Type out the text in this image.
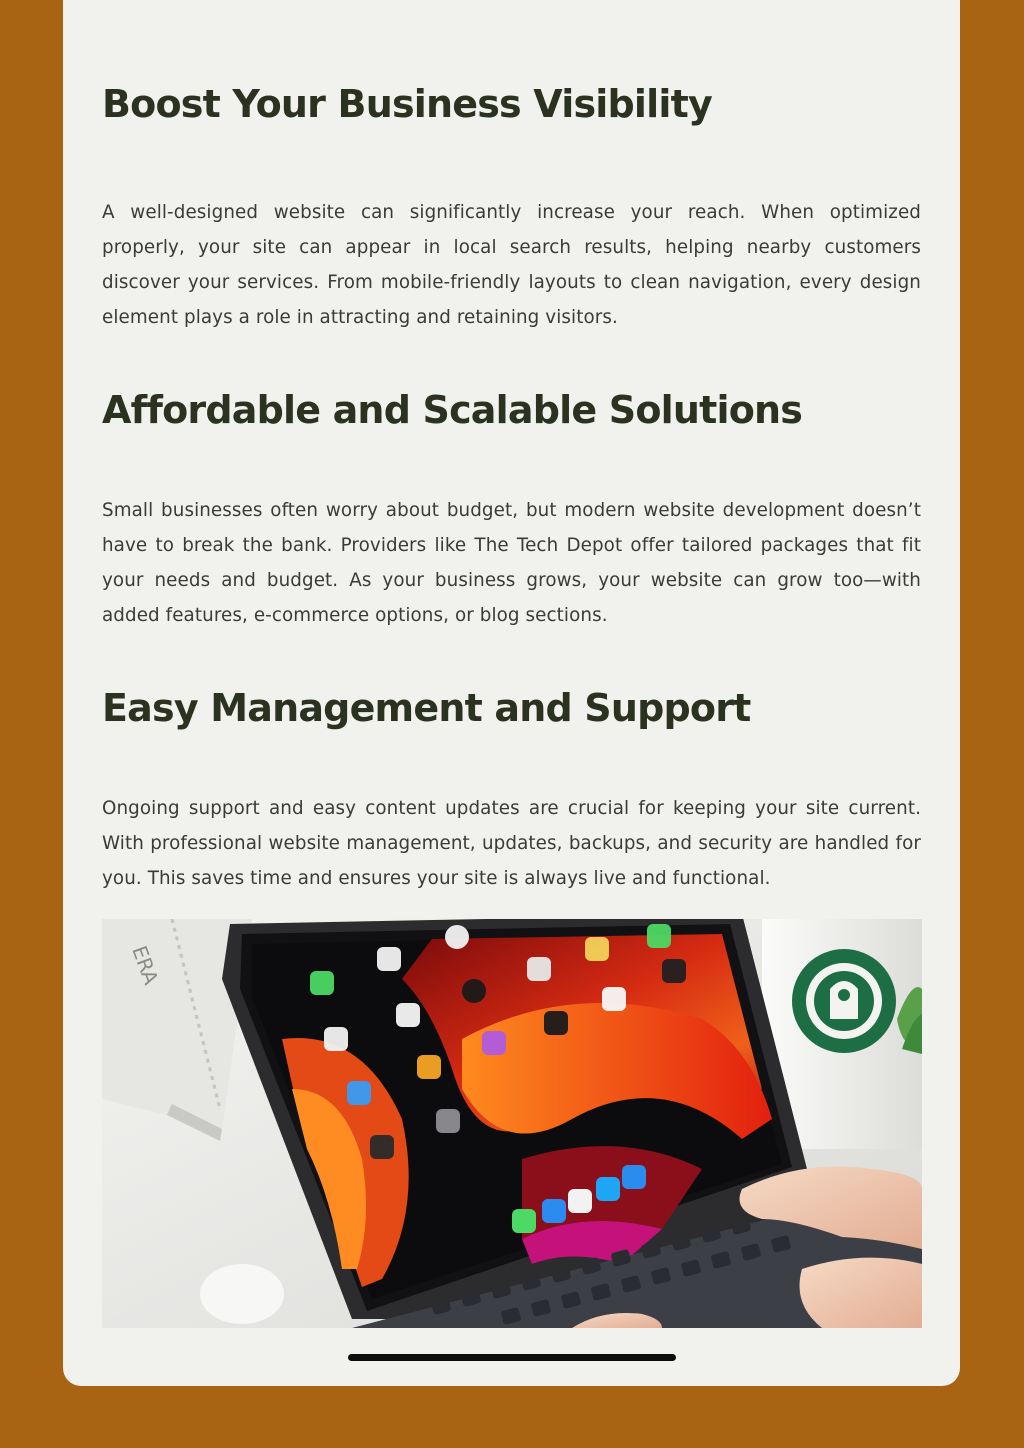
Boost Your Business Visibility

A well-designed website can significantly increase your reach. When optimized properly, your site can appear in local search results, helping nearby customers discover your services. From mobile-friendly layouts to clean navigation, every design element plays a role in attracting and retaining visitors.

Affordable and Scalable Solutions

Small businesses often worry about budget, but modern website development doesn’t have to break the bank. Providers like The Tech Depot offer tailored packages that fit your needs and budget. As your business grows, your website can grow too—with added features, e-commerce options, or blog sections.

Easy Management and Support

Ongoing support and easy content updates are crucial for keeping your site current. With professional website management, updates, backups, and security are handled for you. This saves time and ensures your site is always live and functional.

ERA
